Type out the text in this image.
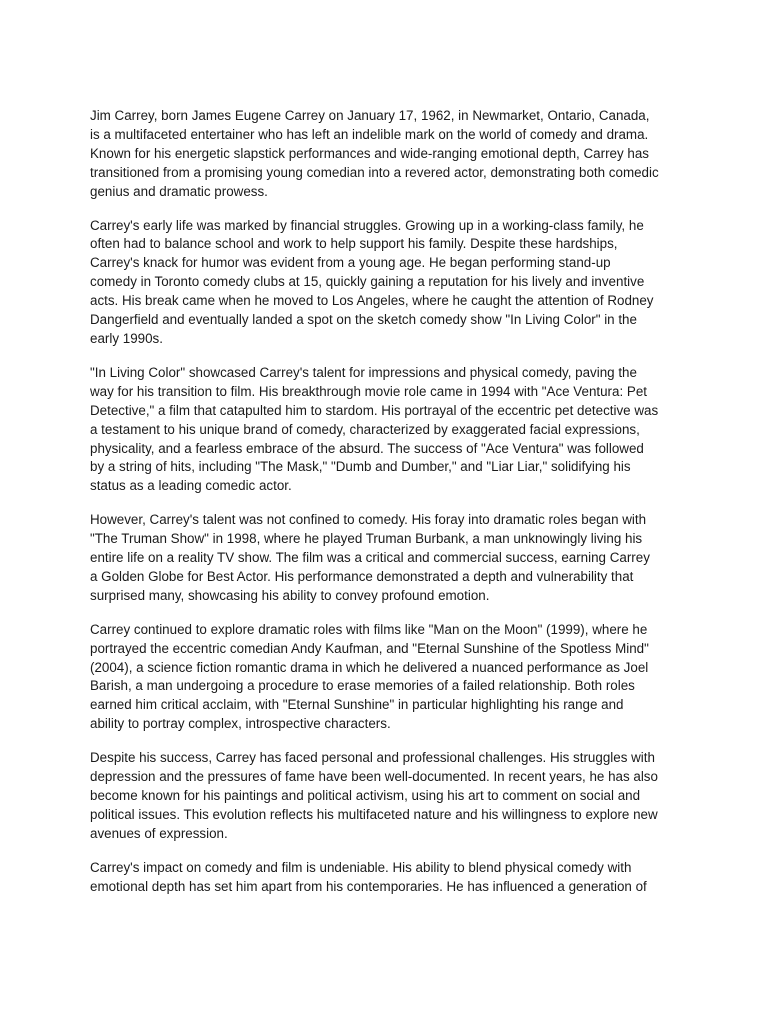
Jim Carrey, born James Eugene Carrey on January 17, 1962, in Newmarket, Ontario, Canada,
is a multifaceted entertainer who has left an indelible mark on the world of comedy and drama.
Known for his energetic slapstick performances and wide-ranging emotional depth, Carrey has
transitioned from a promising young comedian into a revered actor, demonstrating both comedic
genius and dramatic prowess.

Carrey's early life was marked by financial struggles. Growing up in a working-class family, he
often had to balance school and work to help support his family. Despite these hardships,
Carrey's knack for humor was evident from a young age. He began performing stand-up
comedy in Toronto comedy clubs at 15, quickly gaining a reputation for his lively and inventive
acts. His break came when he moved to Los Angeles, where he caught the attention of Rodney
Dangerfield and eventually landed a spot on the sketch comedy show "In Living Color" in the
early 1990s.

"In Living Color" showcased Carrey's talent for impressions and physical comedy, paving the
way for his transition to film. His breakthrough movie role came in 1994 with "Ace Ventura: Pet
Detective," a film that catapulted him to stardom. His portrayal of the eccentric pet detective was
a testament to his unique brand of comedy, characterized by exaggerated facial expressions,
physicality, and a fearless embrace of the absurd. The success of "Ace Ventura" was followed
by a string of hits, including "The Mask," "Dumb and Dumber," and "Liar Liar," solidifying his
status as a leading comedic actor.

However, Carrey's talent was not confined to comedy. His foray into dramatic roles began with
"The Truman Show" in 1998, where he played Truman Burbank, a man unknowingly living his
entire life on a reality TV show. The film was a critical and commercial success, earning Carrey
a Golden Globe for Best Actor. His performance demonstrated a depth and vulnerability that
surprised many, showcasing his ability to convey profound emotion.

Carrey continued to explore dramatic roles with films like "Man on the Moon" (1999), where he
portrayed the eccentric comedian Andy Kaufman, and "Eternal Sunshine of the Spotless Mind"
(2004), a science fiction romantic drama in which he delivered a nuanced performance as Joel
Barish, a man undergoing a procedure to erase memories of a failed relationship. Both roles
earned him critical acclaim, with "Eternal Sunshine" in particular highlighting his range and
ability to portray complex, introspective characters.

Despite his success, Carrey has faced personal and professional challenges. His struggles with
depression and the pressures of fame have been well-documented. In recent years, he has also
become known for his paintings and political activism, using his art to comment on social and
political issues. This evolution reflects his multifaceted nature and his willingness to explore new
avenues of expression.

Carrey's impact on comedy and film is undeniable. His ability to blend physical comedy with
emotional depth has set him apart from his contemporaries. He has influenced a generation of
